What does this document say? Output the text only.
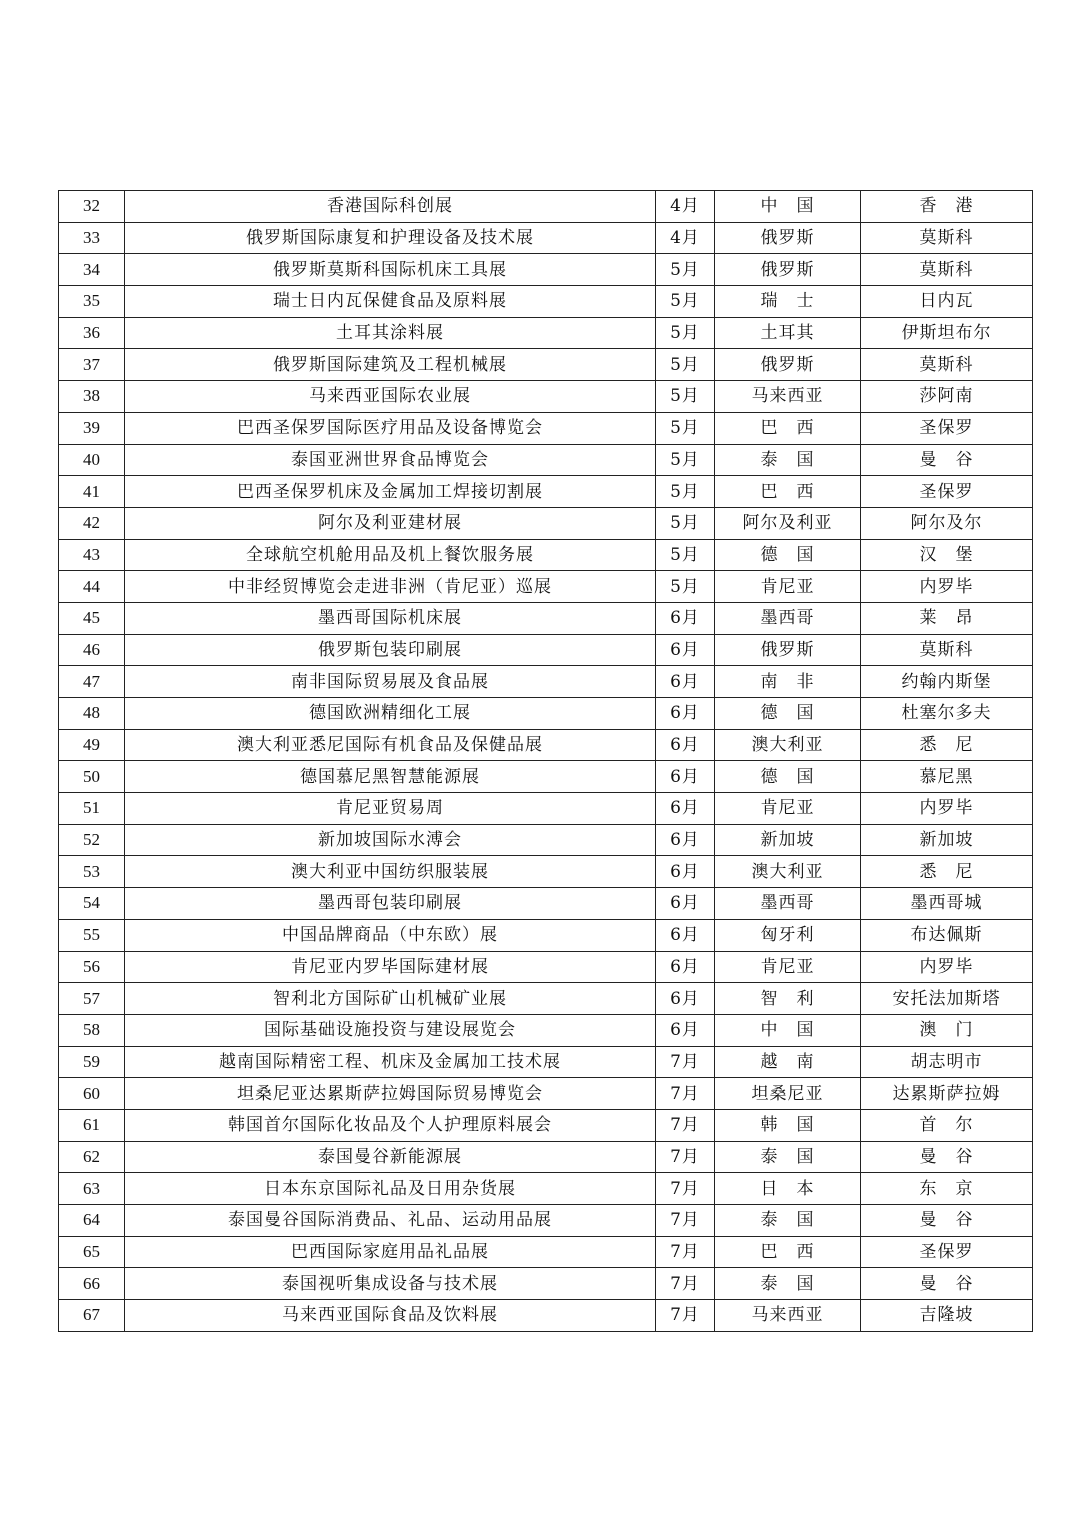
32	香港国际科创展	4月	中　国	香　港
33	俄罗斯国际康复和护理设备及技术展	4月	俄罗斯	莫斯科
34	俄罗斯莫斯科国际机床工具展	5月	俄罗斯	莫斯科
35	瑞士日内瓦保健食品及原料展	5月	瑞　士	日内瓦
36	土耳其涂料展	5月	土耳其	伊斯坦布尔
37	俄罗斯国际建筑及工程机械展	5月	俄罗斯	莫斯科
38	马来西亚国际农业展	5月	马来西亚	莎阿南
39	巴西圣保罗国际医疗用品及设备博览会	5月	巴　西	圣保罗
40	泰国亚洲世界食品博览会	5月	泰　国	曼　谷
41	巴西圣保罗机床及金属加工焊接切割展	5月	巴　西	圣保罗
42	阿尔及利亚建材展	5月	阿尔及利亚	阿尔及尔
43	全球航空机舱用品及机上餐饮服务展	5月	德　国	汉　堡
44	中非经贸博览会走进非洲（肯尼亚）巡展	5月	肯尼亚	内罗毕
45	墨西哥国际机床展	6月	墨西哥	莱　昂
46	俄罗斯包装印刷展	6月	俄罗斯	莫斯科
47	南非国际贸易展及食品展	6月	南　非	约翰内斯堡
48	德国欧洲精细化工展	6月	德　国	杜塞尔多夫
49	澳大利亚悉尼国际有机食品及保健品展	6月	澳大利亚	悉　尼
50	德国慕尼黑智慧能源展	6月	德　国	慕尼黑
51	肯尼亚贸易周	6月	肯尼亚	内罗毕
52	新加坡国际水溥会	6月	新加坡	新加坡
53	澳大利亚中国纺织服装展	6月	澳大利亚	悉　尼
54	墨西哥包装印刷展	6月	墨西哥	墨西哥城
55	中国品牌商品（中东欧）展	6月	匈牙利	布达佩斯
56	肯尼亚内罗毕国际建材展	6月	肯尼亚	内罗毕
57	智利北方国际矿山机械矿业展	6月	智　利	安托法加斯塔
58	国际基础设施投资与建设展览会	6月	中　国	澳　门
59	越南国际精密工程、机床及金属加工技术展	7月	越　南	胡志明市
60	坦桑尼亚达累斯萨拉姆国际贸易博览会	7月	坦桑尼亚	达累斯萨拉姆
61	韩国首尔国际化妆品及个人护理原料展会	7月	韩　国	首　尔
62	泰国曼谷新能源展	7月	泰　国	曼　谷
63	日本东京国际礼品及日用杂货展	7月	日　本	东　京
64	泰国曼谷国际消费品、礼品、运动用品展	7月	泰　国	曼　谷
65	巴西国际家庭用品礼品展	7月	巴　西	圣保罗
66	泰国视听集成设备与技术展	7月	泰　国	曼　谷
67	马来西亚国际食品及饮料展	7月	马来西亚	吉隆坡
